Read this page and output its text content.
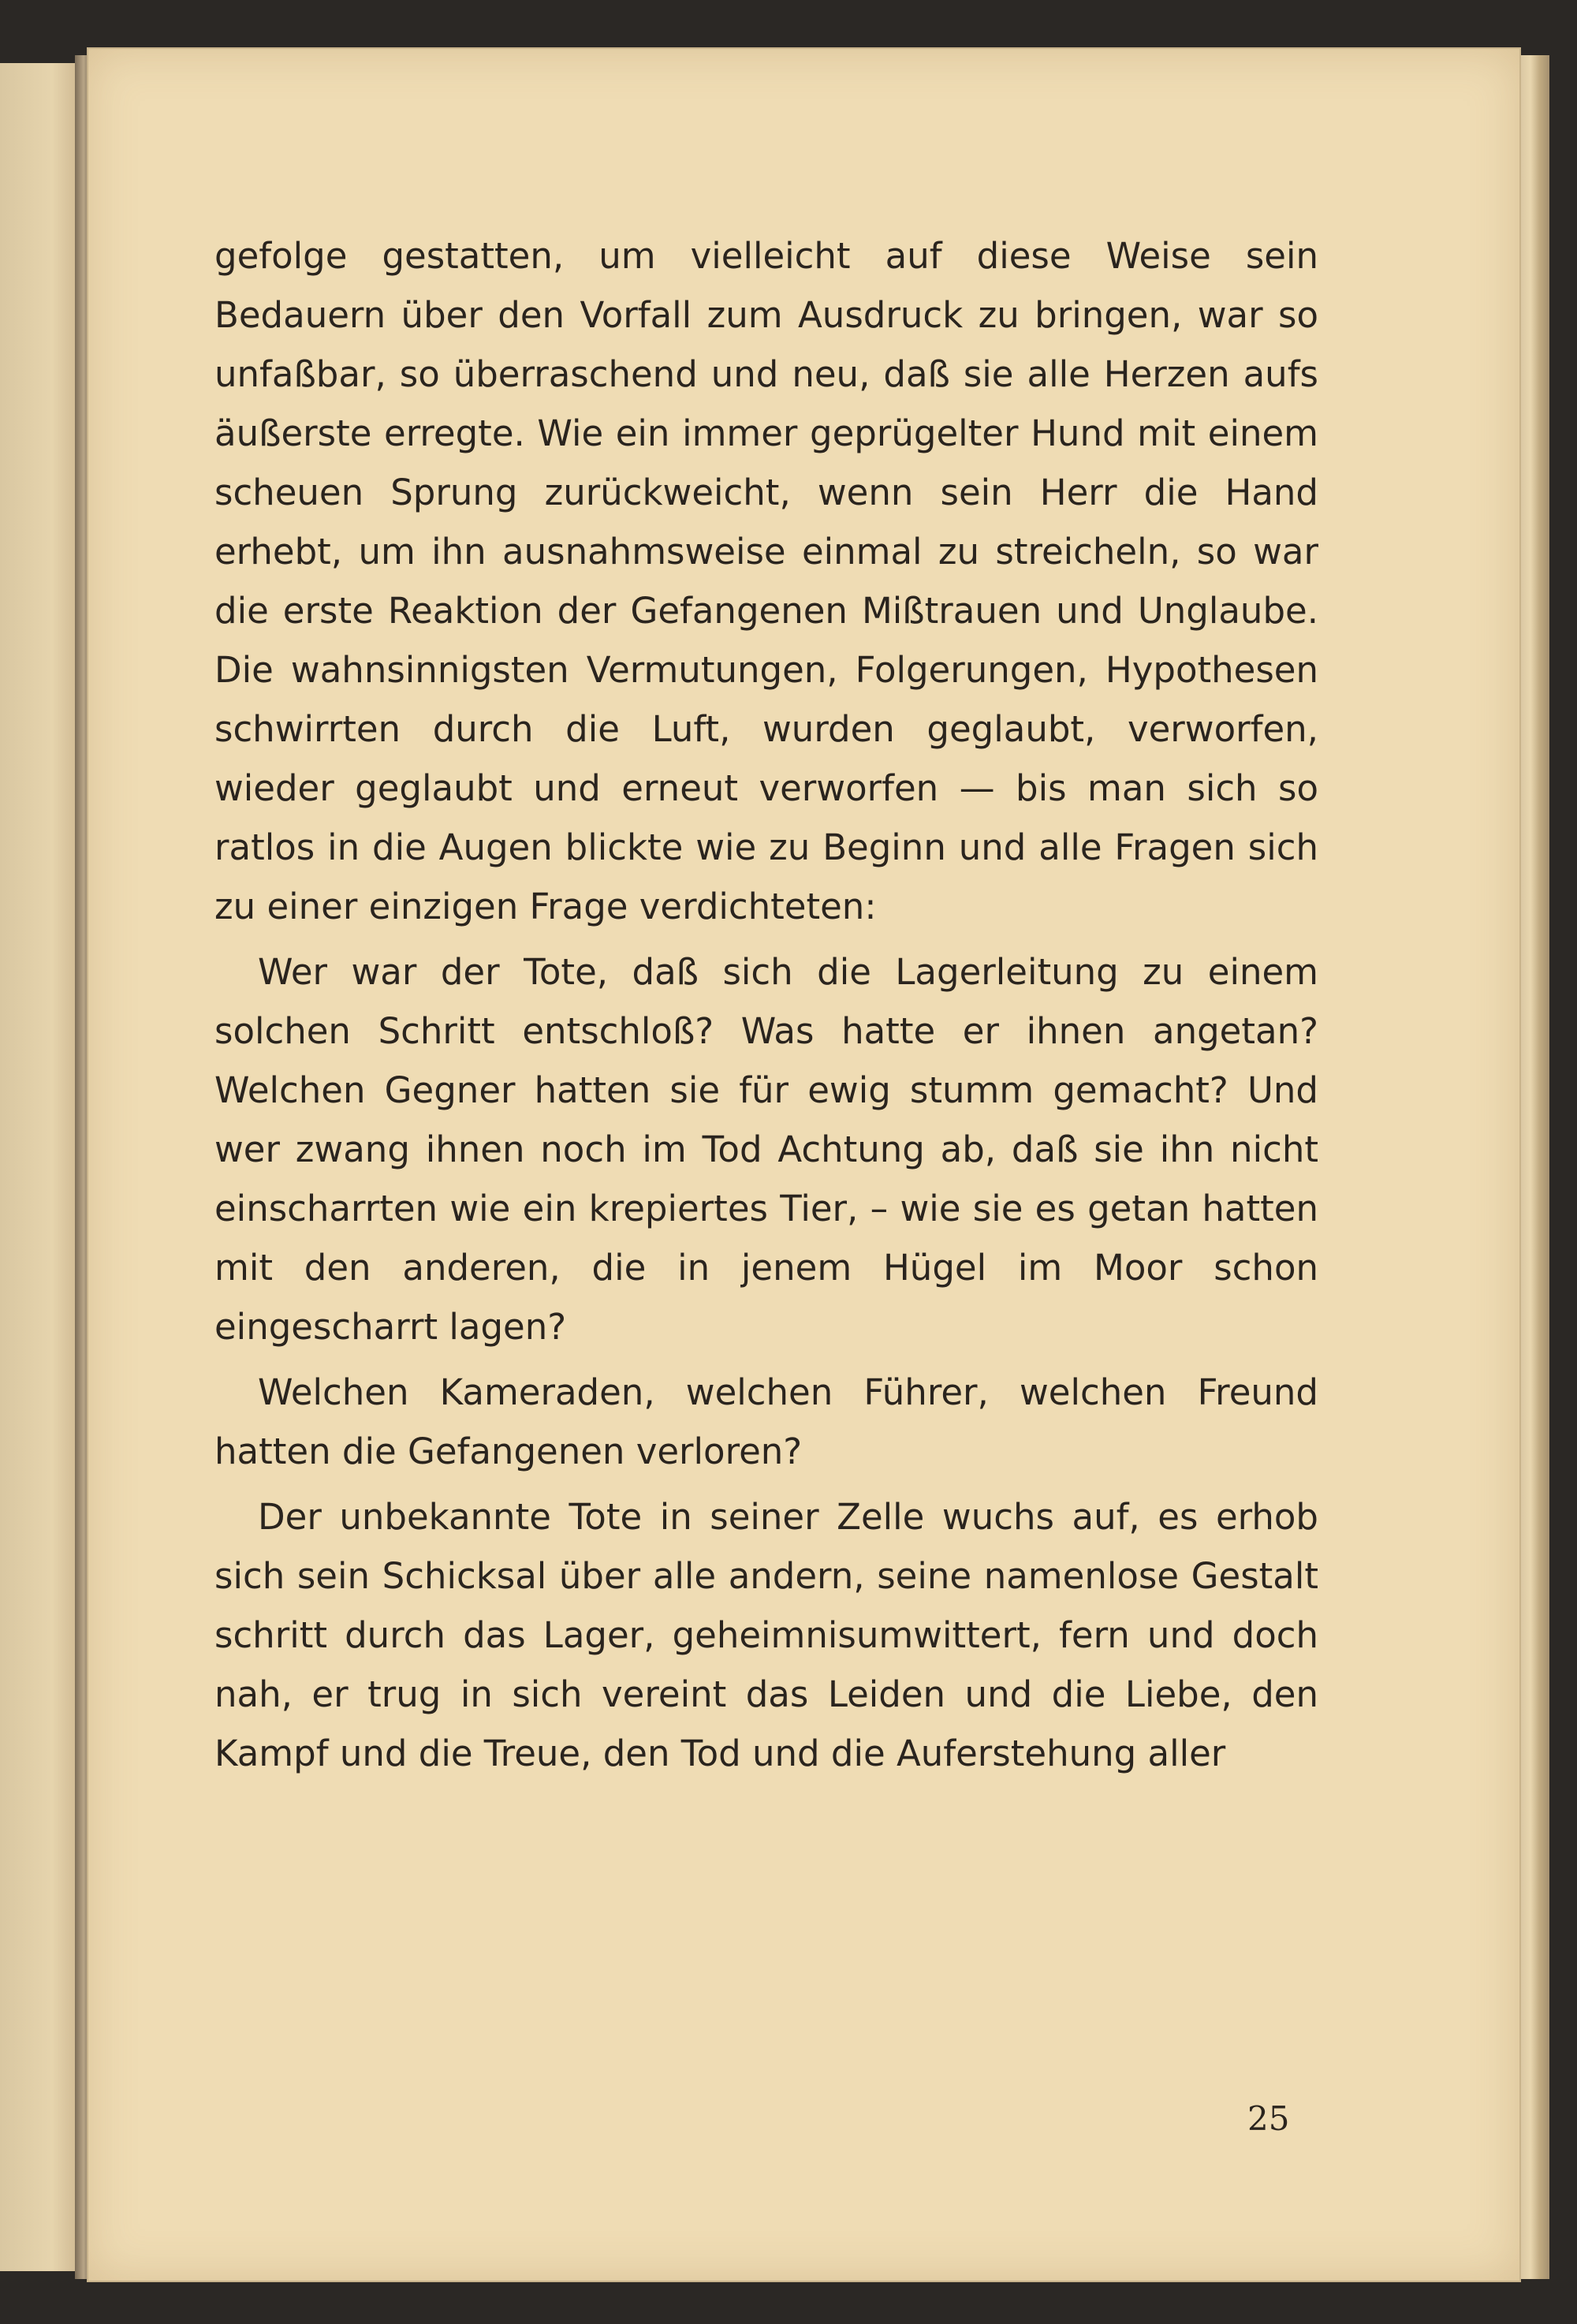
gefolge gestatten, um vielleicht auf diese Weise sein Bedauern über den Vorfall zum Ausdruck zu bringen, war so unfaßbar, so überraschend und neu, daß sie alle Herzen aufs äußerste erregte. Wie ein immer geprügelter Hund mit einem scheuen Sprung zurückweicht, wenn sein Herr die Hand erhebt, um ihn ausnahmsweise einmal zu streicheln, so war die erste Reaktion der Gefangenen Mißtrauen und Unglaube. Die wahnsinnigsten Vermutungen, Folgerungen, Hypothesen schwirrten durch die Luft, wurden geglaubt, verworfen, wieder geglaubt und erneut verworfen — bis man sich so ratlos in die Augen blickte wie zu Beginn und alle Fragen sich zu einer einzigen Frage verdichteten:

Wer war der Tote, daß sich die Lagerleitung zu einem solchen Schritt entschloß? Was hatte er ihnen angetan? Welchen Gegner hatten sie für ewig stumm gemacht? Und wer zwang ihnen noch im Tod Achtung ab, daß sie ihn nicht einscharrten wie ein krepiertes Tier, – wie sie es getan hatten mit den anderen, die in jenem Hügel im Moor schon eingescharrt lagen?

Welchen Kameraden, welchen Führer, welchen Freund hatten die Gefangenen verloren?

Der unbekannte Tote in seiner Zelle wuchs auf, es erhob sich sein Schicksal über alle andern, seine namenlose Gestalt schritt durch das Lager, geheimnisumwittert, fern und doch nah, er trug in sich vereint das Leiden und die Liebe, den Kampf und die Treue, den Tod und die Auferstehung aller

25
